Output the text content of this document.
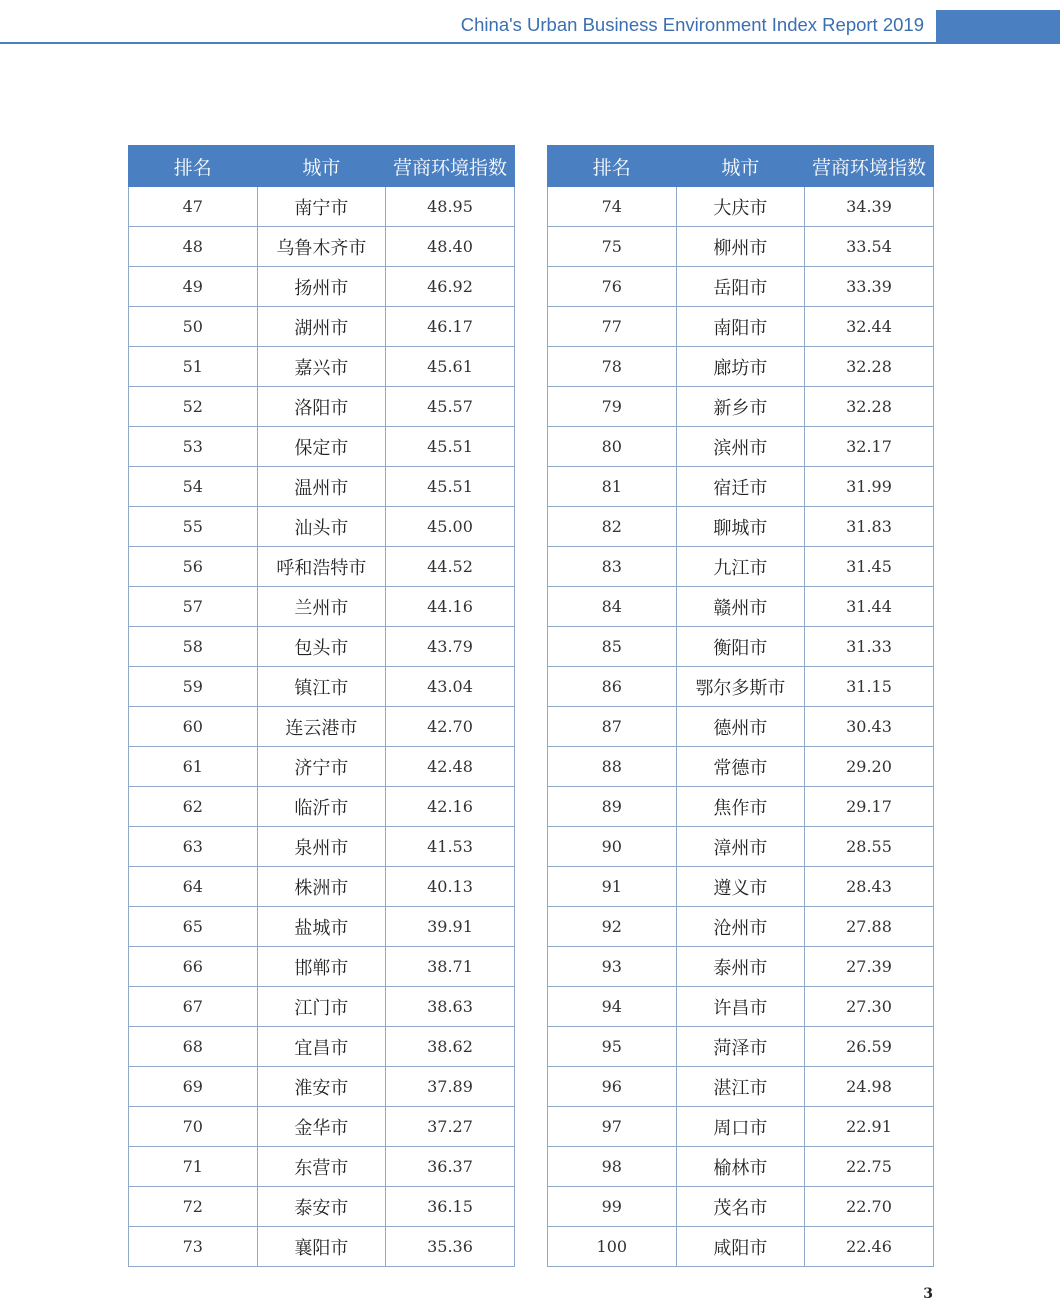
China's Urban Business Environment Index Report 2019
排名	城市	营商环境指数
47	南宁市	48.95
48	乌鲁木齐市	48.40
49	扬州市	46.92
50	湖州市	46.17
51	嘉兴市	45.61
52	洛阳市	45.57
53	保定市	45.51
54	温州市	45.51
55	汕头市	45.00
56	呼和浩特市	44.52
57	兰州市	44.16
58	包头市	43.79
59	镇江市	43.04
60	连云港市	42.70
61	济宁市	42.48
62	临沂市	42.16
63	泉州市	41.53
64	株洲市	40.13
65	盐城市	39.91
66	邯郸市	38.71
67	江门市	38.63
68	宜昌市	38.62
69	淮安市	37.89
70	金华市	37.27
71	东营市	36.37
72	泰安市	36.15
73	襄阳市	35.36
排名	城市	营商环境指数
74	大庆市	34.39
75	柳州市	33.54
76	岳阳市	33.39
77	南阳市	32.44
78	廊坊市	32.28
79	新乡市	32.28
80	滨州市	32.17
81	宿迁市	31.99
82	聊城市	31.83
83	九江市	31.45
84	赣州市	31.44
85	衡阳市	31.33
86	鄂尔多斯市	31.15
87	德州市	30.43
88	常德市	29.20
89	焦作市	29.17
90	漳州市	28.55
91	遵义市	28.43
92	沧州市	27.88
93	泰州市	27.39
94	许昌市	27.30
95	菏泽市	26.59
96	湛江市	24.98
97	周口市	22.91
98	榆林市	22.75
99	茂名市	22.70
100	咸阳市	22.46
3
